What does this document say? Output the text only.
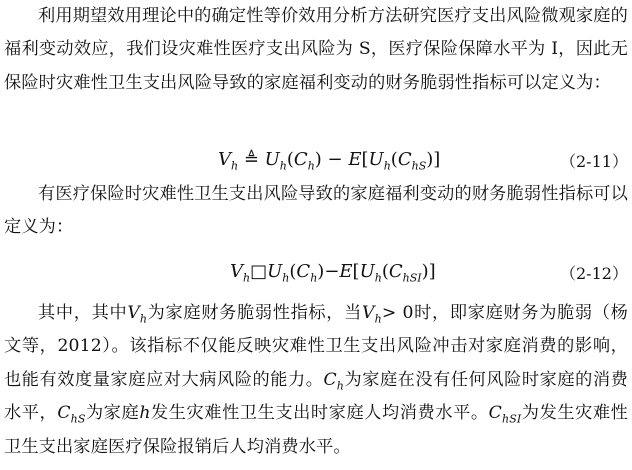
利用期望效用理论中的确定性等价效用分析方法研究医疗支出风险微观家庭的福利变动效应，我们设灾难性医疗支出风险为 S，医疗保险保障水平为 I，因此无保险时灾难性卫生支出风险导致的家庭福利变动的财务脆弱性指标可以定义为：

$V_h$ ≜ $U_h(C_h) - E[U_h(C_{hS})]$	（2-11）

有医疗保险时灾难性卫生支出风险导致的家庭福利变动的财务脆弱性指标可以定义为：

$V_h□U_h(C_h)-E[U_h(C_{hSI})]$	（2-12）

其中，其中$V_h$为家庭财务脆弱性指标，当$V_h> 0$时，即家庭财务为脆弱（杨文等，2012）。该指标不仅能反映灾难性卫生支出风险冲击对家庭消费的影响，也能有效度量家庭应对大病风险的能力。$C_h$为家庭在没有任何风险时家庭的消费水平，$C_{hS}$为家庭h发生灾难性卫生支出时家庭人均消费水平。$C_{hSI}$为发生灾难性卫生支出家庭医疗保险报销后人均消费水平。
